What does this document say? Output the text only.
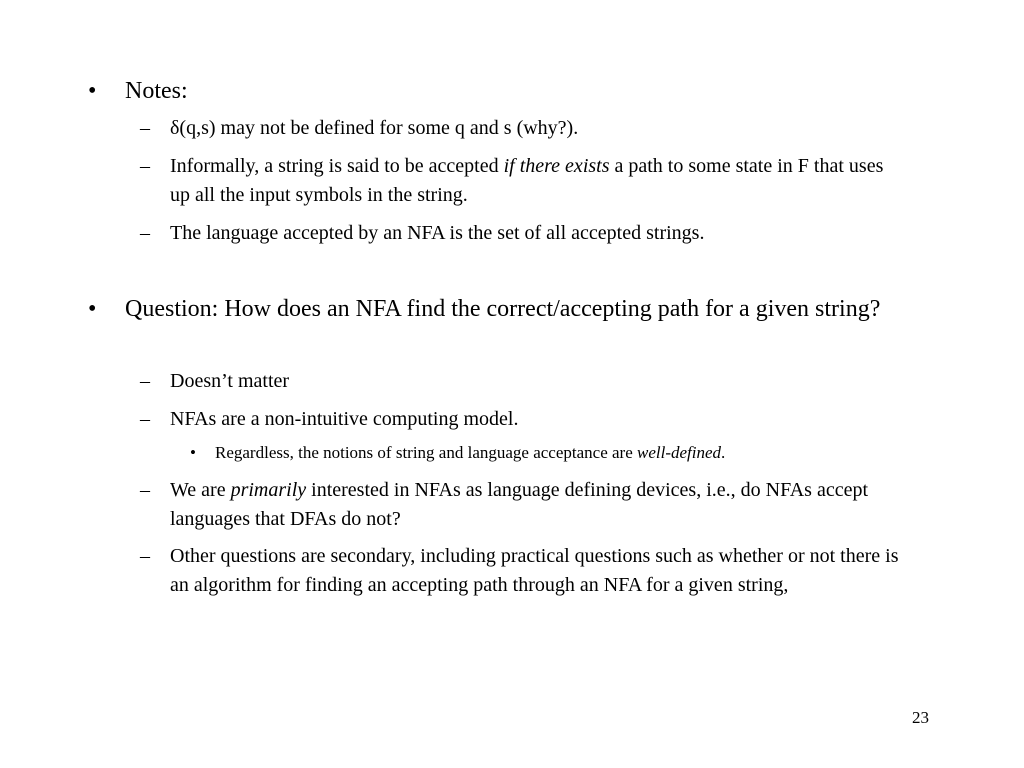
• Notes:
– δ(q,s) may not be defined for some q and s (why?).
– Informally, a string is said to be accepted if there exists a path to some state in F that uses up all the input symbols in the string.
– The language accepted by an NFA is the set of all accepted strings.
• Question: How does an NFA find the correct/accepting path for a given string?
– Doesn’t matter
– NFAs are a non-intuitive computing model.
• Regardless, the notions of string and language acceptance are well-defined.
– We are primarily interested in NFAs as language defining devices, i.e., do NFAs accept languages that DFAs do not?
– Other questions are secondary, including practical questions such as whether or not there is an algorithm for finding an accepting path through an NFA for a given string,
23
